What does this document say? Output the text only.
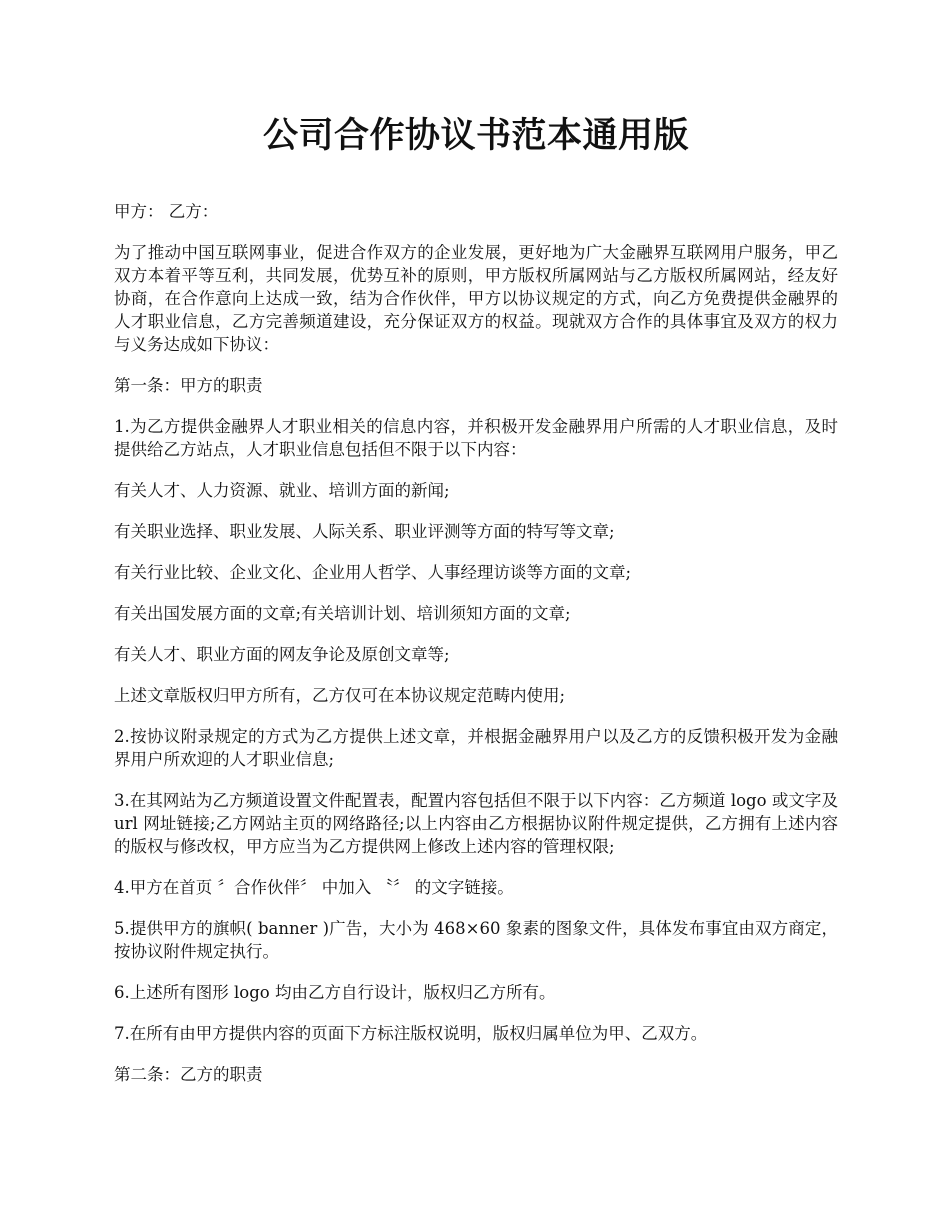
公司合作协议书范本通用版

甲方： 乙方：

为了推动中国互联网事业，促进合作双方的企业发展，更好地为广大金融界互联网用户服务，甲乙双方本着平等互利，共同发展，优势互补的原则，甲方版权所属网站与乙方版权所属网站，经友好协商，在合作意向上达成一致，结为合作伙伴，甲方以协议规定的方式，向乙方免费提供金融界的人才职业信息，乙方完善频道建设，充分保证双方的权益。现就双方合作的具体事宜及双方的权力与义务达成如下协议：

第一条：甲方的职责

1.为乙方提供金融界人才职业相关的信息内容，并积极开发金融界用户所需的人才职业信息，及时提供给乙方站点，人才职业信息包括但不限于以下内容：

有关人才、人力资源、就业、培训方面的新闻;

有关职业选择、职业发展、人际关系、职业评测等方面的特写等文章;

有关行业比较、企业文化、企业用人哲学、人事经理访谈等方面的文章;

有关出国发展方面的文章;有关培训计划、培训须知方面的文章;

有关人才、职业方面的网友争论及原创文章等;

上述文章版权归甲方所有，乙方仅可在本协议规定范畴内使用;

2.按协议附录规定的方式为乙方提供上述文章，并根据金融界用户以及乙方的反馈积极开发为金融界用户所欢迎的人才职业信息;

3.在其网站为乙方频道设置文件配置表，配置内容包括但不限于以下内容：乙方频道 logo 或文字及 url 网址链接;乙方网站主页的网络路径;以上内容由乙方根据协议附件规定提供，乙方拥有上述内容的版权与修改权，甲方应当为乙方提供网上修改上述内容的管理权限;

4.甲方在首页 〞合作伙伴〞 中加入 〝〞 的文字链接。

5.提供甲方的旗帜( banner )广告，大小为 468×60 象素的图象文件，具体发布事宜由双方商定，按协议附件规定执行。

6.上述所有图形 logo 均由乙方自行设计，版权归乙方所有。

7.在所有由甲方提供内容的页面下方标注版权说明，版权归属单位为甲、乙双方。

第二条：乙方的职责
